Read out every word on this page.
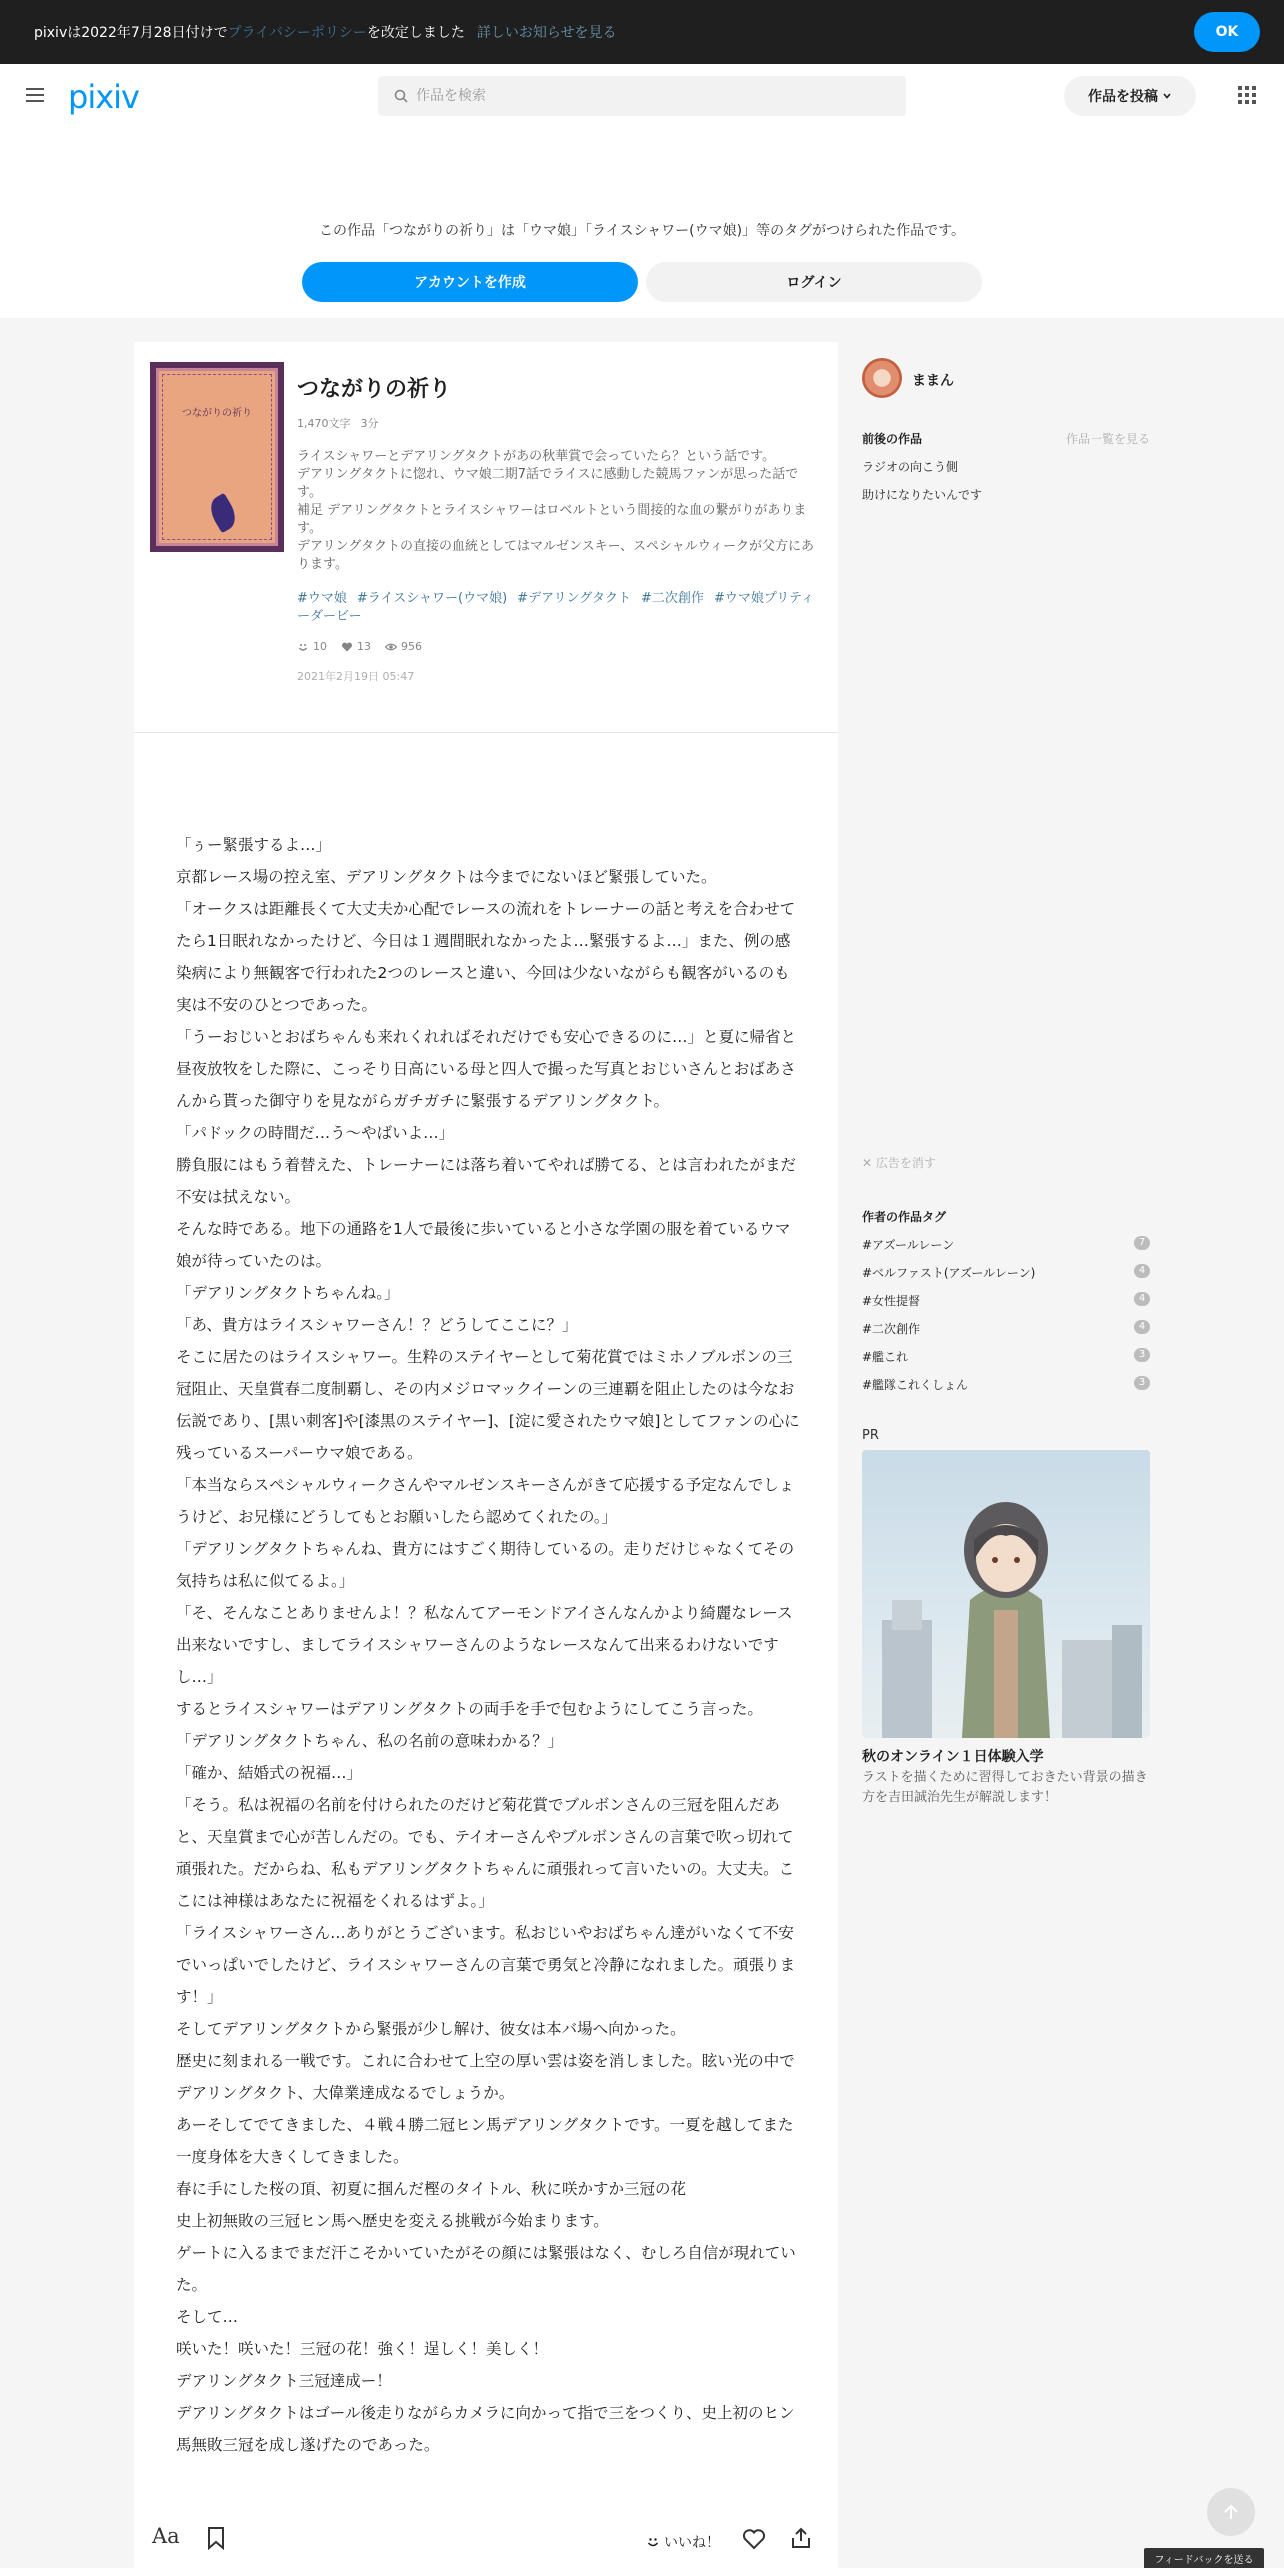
pixivは2022年7月28日付けで プライバシーポリシー を改定しました 詳しいお知らせを見る	OK
pixiv
作品を検索	作品を投稿
この作品「つながりの祈り」は「ウマ娘」「ライスシャワー(ウマ娘)」等のタグがつけられた作品です。
アカウントを作成	ログイン
つながりの祈り
つながりの祈り
1,470文字 3分

ライスシャワーとデアリングタクトがあの秋華賞で会っていたら？という話です。

デアリングタクトに惚れ、ウマ娘二期7話でライスに感動した競馬ファンが思った話です。

補足 デアリングタクトとライスシャワーはロベルトという間接的な血の繋がりがあります。

デアリングタクトの直接の血統としてはマルゼンスキー、スペシャルウィークが父方にあります。

#ウマ娘 #ライスシャワー(ウマ娘) #デアリングタクト #二次創作 #ウマ娘プリティーダービー
10	13	956
2021年2月19日 05:47

「ぅー緊張するよ…」

京都レース場の控え室、デアリングタクトは今までにないほど緊張していた。

「オークスは距離長くて大丈夫か心配でレースの流れをトレーナーの話と考えを合わせてたら1日眠れなかったけど、今日は１週間眠れなかったよ…緊張するよ…」また、例の感染病により無観客で行われた2つのレースと違い、今回は少ないながらも観客がいるのも実は不安のひとつであった。

「うーおじいとおばちゃんも来れくれればそれだけでも安心できるのに…」と夏に帰省と昼夜放牧をした際に、こっそり日高にいる母と四人で撮った写真とおじいさんとおばあさんから貰った御守りを見ながらガチガチに緊張するデアリングタクト。

「パドックの時間だ…う〜やばいよ…」

勝負服にはもう着替えた、トレーナーには落ち着いてやれば勝てる、とは言われたがまだ不安は拭えない。

そんな時である。地下の通路を1人で最後に歩いていると小さな学園の服を着ているウマ娘が待っていたのは。

「デアリングタクトちゃんね。」

「あ、貴方はライスシャワーさん！？どうしてここに？」

そこに居たのはライスシャワー。生粋のステイヤーとして菊花賞ではミホノブルボンの三冠阻止、天皇賞春二度制覇し、その内メジロマックイーンの三連覇を阻止したのは今なお伝説であり、[黒い刺客]や[漆黒のステイヤー]、[淀に愛されたウマ娘]としてファンの心に残っているスーパーウマ娘である。

「本当ならスペシャルウィークさんやマルゼンスキーさんがきて応援する予定なんでしょうけど、お兄様にどうしてもとお願いしたら認めてくれたの。」

「デアリングタクトちゃんね、貴方にはすごく期待しているの。走りだけじゃなくてその気持ちは私に似てるよ。」

「そ、そんなことありませんよ！？私なんてアーモンドアイさんなんかより綺麗なレース出来ないですし、ましてライスシャワーさんのようなレースなんて出来るわけないですし…」

するとライスシャワーはデアリングタクトの両手を手で包むようにしてこう言った。

「デアリングタクトちゃん、私の名前の意味わかる？」

「確か、結婚式の祝福…」

「そう。私は祝福の名前を付けられたのだけど菊花賞でブルボンさんの三冠を阻んだあと、天皇賞まで心が苦しんだの。でも、テイオーさんやブルボンさんの言葉で吹っ切れて頑張れた。だからね、私もデアリングタクトちゃんに頑張れって言いたいの。大丈夫。ここには神様はあなたに祝福をくれるはずよ。」

「ライスシャワーさん…ありがとうございます。私おじいやおばちゃん達がいなくて不安でいっぱいでしたけど、ライスシャワーさんの言葉で勇気と冷静になれました。頑張ります！」

そしてデアリングタクトから緊張が少し解け、彼女は本バ場へ向かった。

歴史に刻まれる一戦です。これに合わせて上空の厚い雲は姿を消しました。眩い光の中でデアリングタクト、大偉業達成なるでしょうか。

あーそしてでてきました、４戦４勝二冠ヒン馬デアリングタクトです。一夏を越してまた一度身体を大きくしてきました。

春に手にした桜の頂、初夏に掴んだ樫のタイトル、秋に咲かすか三冠の花

史上初無敗の三冠ヒン馬へ歴史を変える挑戦が今始まります。

ゲートに入るまでまだ汗こそかいていたがその顔には緊張はなく、むしろ自信が現れていた。

そして…

咲いた！咲いた！三冠の花！強く！逞しく！美しく！

デアリングタクト三冠達成ー！

デアリングタクトはゴール後走りながらカメラに向かって指で三をつくり、史上初のヒン馬無敗三冠を成し遂げたのであった。

Aa	いいね！
ままん
前後の作品	作品一覧を見る
ラジオの向こう側
助けになりたいんです
✕ 広告を消す
作者の作品タグ
#アズールレーン	7
#ベルファスト(アズールレーン)	4
#女性提督	4
#二次創作	4
#艦これ	3
#艦隊これくしょん	3
PR
秋のオンライン１日体験入学
ラストを描くために習得しておきたい背景の描き方を吉田誠治先生が解説します！
フィードバックを送る
